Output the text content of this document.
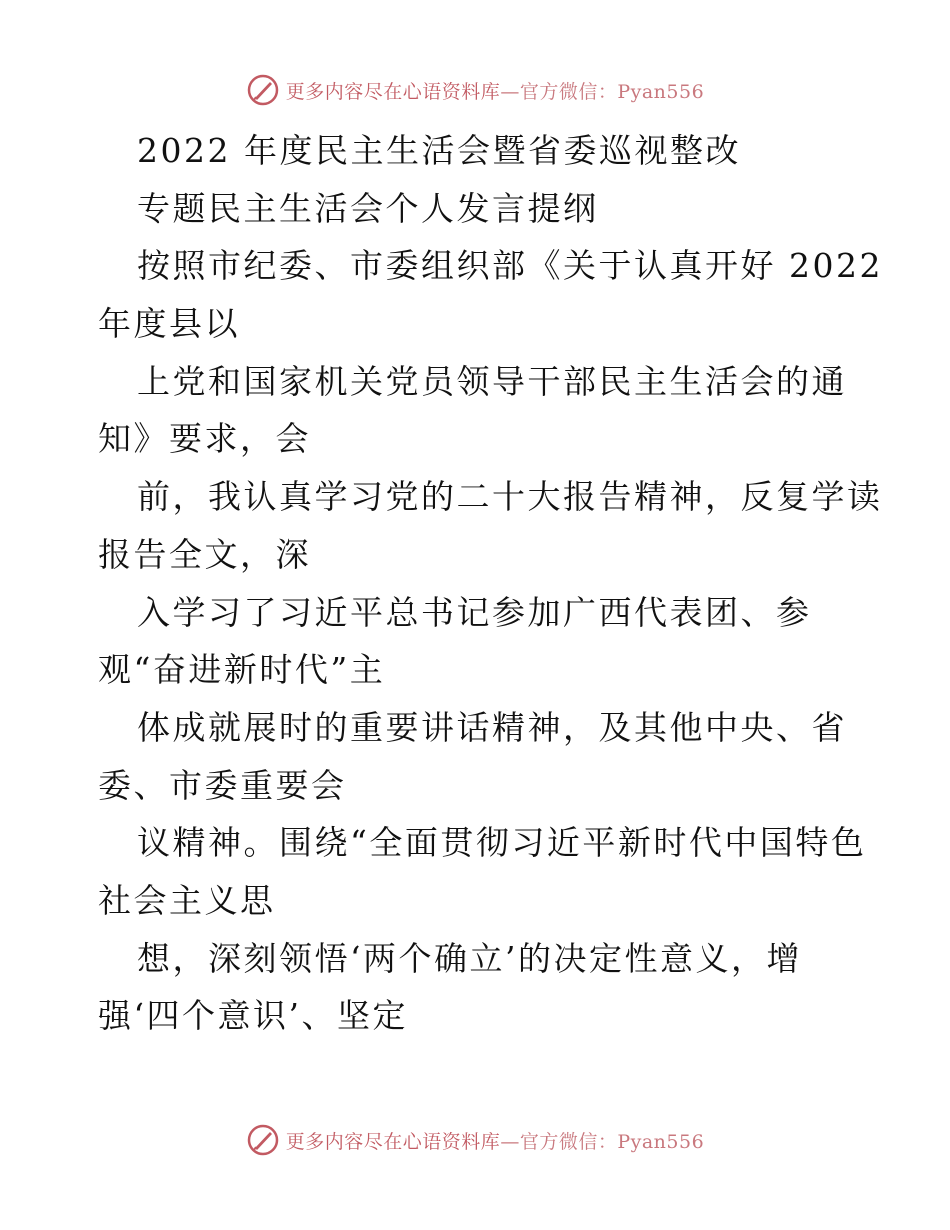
更多内容尽在心语资料库—官方微信：Pyan556
2022 年度民主生活会暨省委巡视整改
专题民主生活会个人发言提纲
按照市纪委、市委组织部《关于认真开好 2022
年度县以
上党和国家机关党员领导干部民主生活会的通
知》要求，会
前，我认真学习党的二十大报告精神，反复学读
报告全文，深
入学习了习近平总书记参加广西代表团、参
观“奋进新时代”主
体成就展时的重要讲话精神，及其他中央、省
委、市委重要会
议精神。围绕“全面贯彻习近平新时代中国特色
社会主义思
想，深刻领悟‘两个确立’的决定性意义，增
强‘四个意识’、坚定
更多内容尽在心语资料库—官方微信：Pyan556
